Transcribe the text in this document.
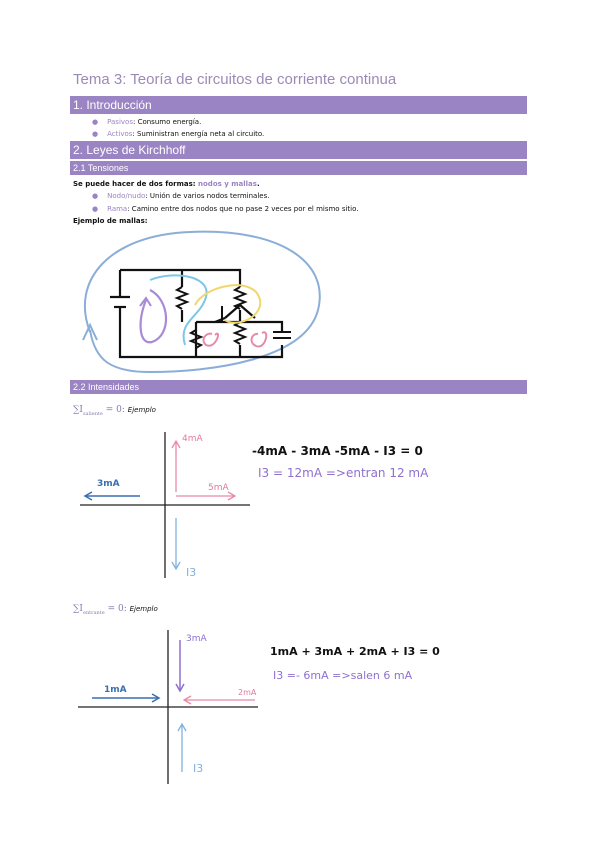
Tema 3: Teoría de circuitos de corriente continua
1. Introducción
● Pasivos: Consumo energía.
● Activos: Suministran energía neta al circuito.
2. Leyes de Kirchhoff
2.1 Tensiones
Se puede hacer de dos formas: nodos y mallas.
● Nodo/nudo: Unión de varios nodos terminales.
● Rama: Camino entre dos nodos que no pase 2 veces por el mismo sitio.
Ejemplo de mallas:
2.2 Intensidades
$\sum I_{saliente} = 0$: Ejemplo
4mA
3mA	5mA
I3
-4mA - 3mA -5mA - I3 = 0
I3 = 12mA =>entran 12 mA
$\sum I_{entrante} = 0$: Ejemplo
3mA
1mA	2mA
I3
1mA + 3mA + 2mA + I3 = 0
I3 =- 6mA =>salen 6 mA
